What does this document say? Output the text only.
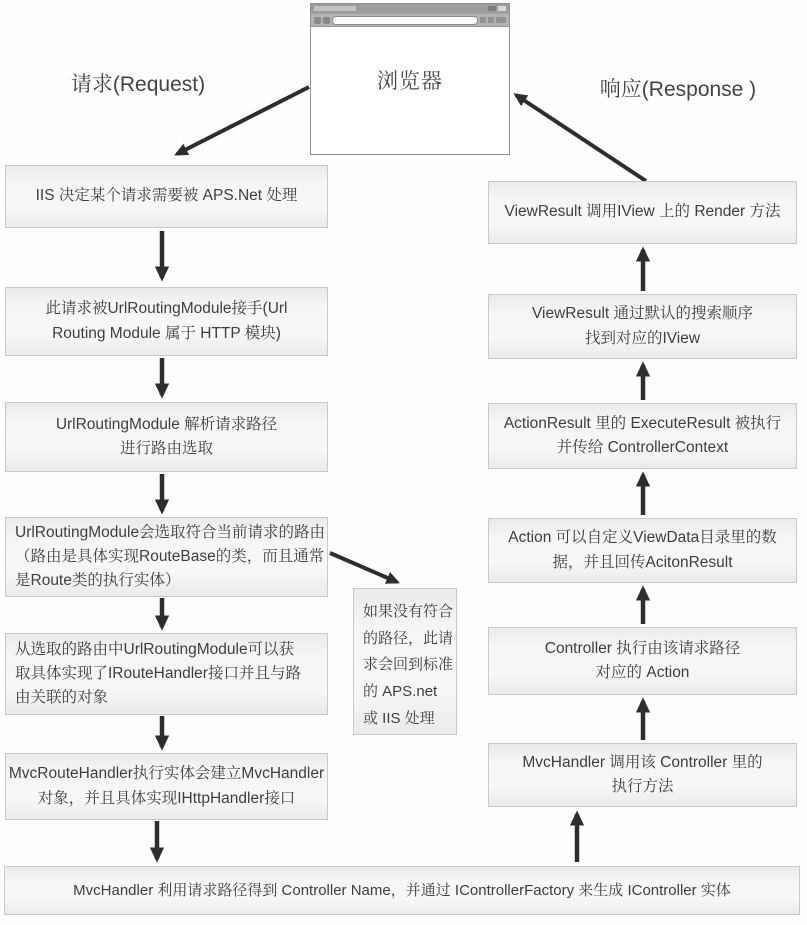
浏览器
请求(Request)	响应(Response )
IIS 决定某个请求需要被 APS.Net 处理
此请求被UrlRoutingModule接手(Url
Routing Module 属于 HTTP 模块)
UrlRoutingModule 解析请求路径
进行路由选取
UrlRoutingModule会选取符合当前请求的路由
（路由是具体实现RouteBase的类，而且通常
是Route类的执行实体）
从选取的路由中UrlRoutingModule可以获
取具体实现了IRouteHandler接口并且与路
由关联的对象
MvcRouteHandler执行实体会建立MvcHandler
对象，并且具体实现IHttpHandler接口
ViewResult 调用IView 上的 Render 方法
ViewResult 通过默认的搜索顺序
找到对应的IView
ActionResult 里的 ExecuteResult 被执行
并传给 ControllerContext
Action 可以自定义ViewData目录里的数
据，并且回传AcitonResult
Controller 执行由该请求路径
对应的 Action
MvcHandler 调用该 Controller 里的
执行方法
如果没有符合
的路径，此请
求会回到标准
的 APS.net
或 IIS 处理
MvcHandler 利用请求路径得到 Controller Name，并通过 IControllerFactory 来生成 IController 实体
